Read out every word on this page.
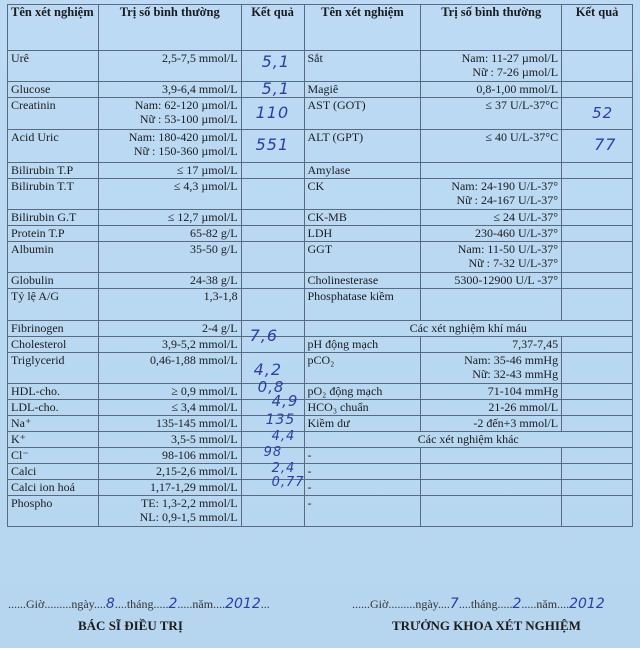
Tên xét nghiệm	Trị số bình thường	Kết quả	Tên xét nghiệm	Trị số bình thường	Kết quả
Urê	2,5-7,5 mmol/L	5,1	Sắt	Nam: 11-27 µmol/L
Nữ : 7-26 µmol/L	

Glucose	3,9-6,4 mmol/L	5,1	Magiê	0,8-1,00 mmol/L	
Creatinin	Nam: 62-120 µmol/L
Nữ : 53-100 µmol/L	110	AST (GOT)	≤ 37 U/L-37°C	52

Acid Uric	Nam: 180-420 µmol/L
Nữ : 150-360 µmol/L	551	ALT (GPT)	≤ 40 U/L-37°C	77

Bilirubin T.P	≤ 17 µmol/L		Amylase		
Bilirubin T.T	≤ 4,3 µmol/L		CK	Nam: 24-190 U/L-37°
Nữ : 24-167 U/L-37°	

Bilirubin G.T	≤ 12,7 µmol/L		CK-MB	≤ 24 U/L-37°	
Protein T.P	65-82 g/L		LDH	230-460 U/L-37°	
Albumin	35-50 g/L		GGT	Nam: 11-50 U/L-37°
Nữ : 7-32 U/L-37°	

Globulin	24-38 g/L		Cholinesterase	5300-12900 U/L -37°	
Tỷ lệ A/G	1,3-1,8		Phosphatase kiềm		
Fibrinogen	2-4 g/L		Các xét nghiệm khí máu		
Cholesterol	3,9-5,2 mmol/L	7,6	pH động mạch	7,37-7,45	
Triglycerid	0,46-1,88 mmol/L	4,2	pCO₂	Nam: 35-46 mmHg
Nữ: 32-43 mmHg	

HDL-cho.	≥ 0,9 mmol/L	0,8	pO₂ động mạch	71-104 mmHg	
LDL-cho.	≤ 3,4 mmol/L	4,9	HCO₃ chuẩn	21-26 mmol/L	
Na⁺	135-145 mmol/L	135	Kiềm dư	-2 đến+3 mmol/L	
K⁺	3,5-5 mmol/L	4,4	Các xét nghiệm khác		
Cl⁻	98-106 mmol/L	98	-		
Calci	2,15-2,6 mmol/L	2,4	-		
Calci ion hoá	1,17-1,29 mmol/L	0,77	-		
Phospho	TE: 1,3-2,2 mmol/L
NL: 0,9-1,5 mmol/L		-		
......Giờ.........ngày....8....tháng.....2.....năm....2012...	......Giờ.........ngày....7....tháng.....2.....năm....2012
BÁC SĨ ĐIỀU TRỊ	TRƯỞNG KHOA XÉT NGHIỆM
